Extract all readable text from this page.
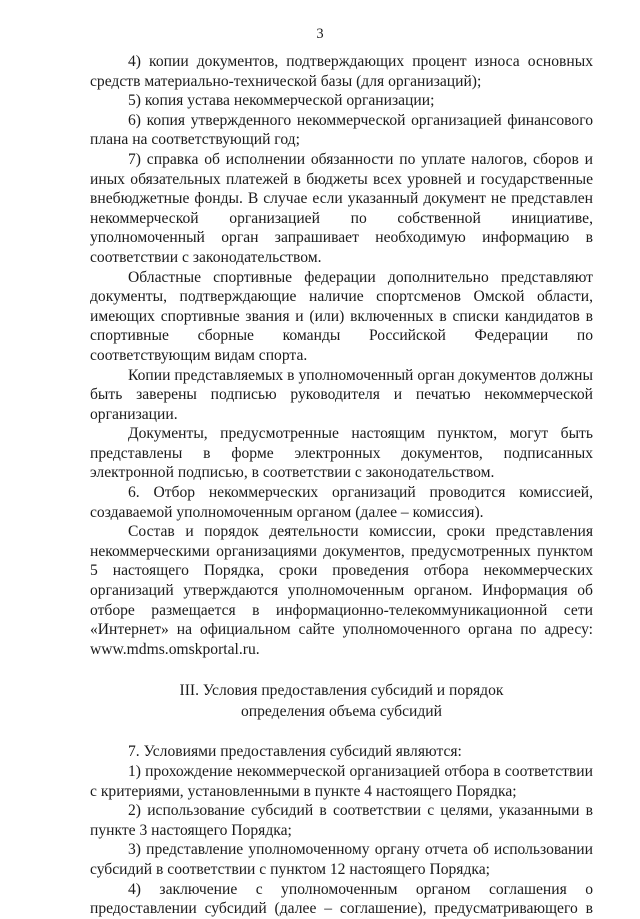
3

4) копии документов, подтверждающих процент износа основных средств материально-технической базы (для организаций);

5) копия устава некоммерческой организации;

6) копия утвержденного некоммерческой организацией финансового плана на соответствующий год;

7) справка об исполнении обязанности по уплате налогов, сборов и иных обязательных платежей в бюджеты всех уровней и государственные внебюджетные фонды. В случае если указанный документ не представлен некоммерческой организацией по собственной инициативе, уполномоченный орган запрашивает необходимую информацию в соответствии с законодательством.

Областные спортивные федерации дополнительно представляют документы, подтверждающие наличие спортсменов Омской области, имеющих спортивные звания и (или) включенных в списки кандидатов в спортивные сборные команды Российской Федерации по соответствующим видам спорта.

Копии представляемых в уполномоченный орган документов должны быть заверены подписью руководителя и печатью некоммерческой организации.

Документы, предусмотренные настоящим пунктом, могут быть представлены в форме электронных документов, подписанных электронной подписью, в соответствии с законодательством.

6. Отбор некоммерческих организаций проводится комиссией, создаваемой уполномоченным органом (далее – комиссия).

Состав и порядок деятельности комиссии, сроки представления некоммерческими организациями документов, предусмотренных пунктом 5 настоящего Порядка, сроки проведения отбора некоммерческих организаций утверждаются уполномоченным органом. Информация об отборе размещается в информационно-телекоммуникационной сети «Интернет» на официальном сайте уполномоченного органа по адресу: www.mdms.omskportal.ru.

III. Условия предоставления субсидий и порядок
определения объема субсидий

7. Условиями предоставления субсидий являются:

1) прохождение некоммерческой организацией отбора в соответствии с критериями, установленными в пункте 4 настоящего Порядка;

2) использование субсидий в соответствии с целями, указанными в пункте 3 настоящего Порядка;

3) представление уполномоченному органу отчета об использовании субсидий в соответствии с пунктом 12 настоящего Порядка;

4) заключение с уполномоченным органом соглашения о предоставлении субсидий (далее – соглашение), предусматривающего в
